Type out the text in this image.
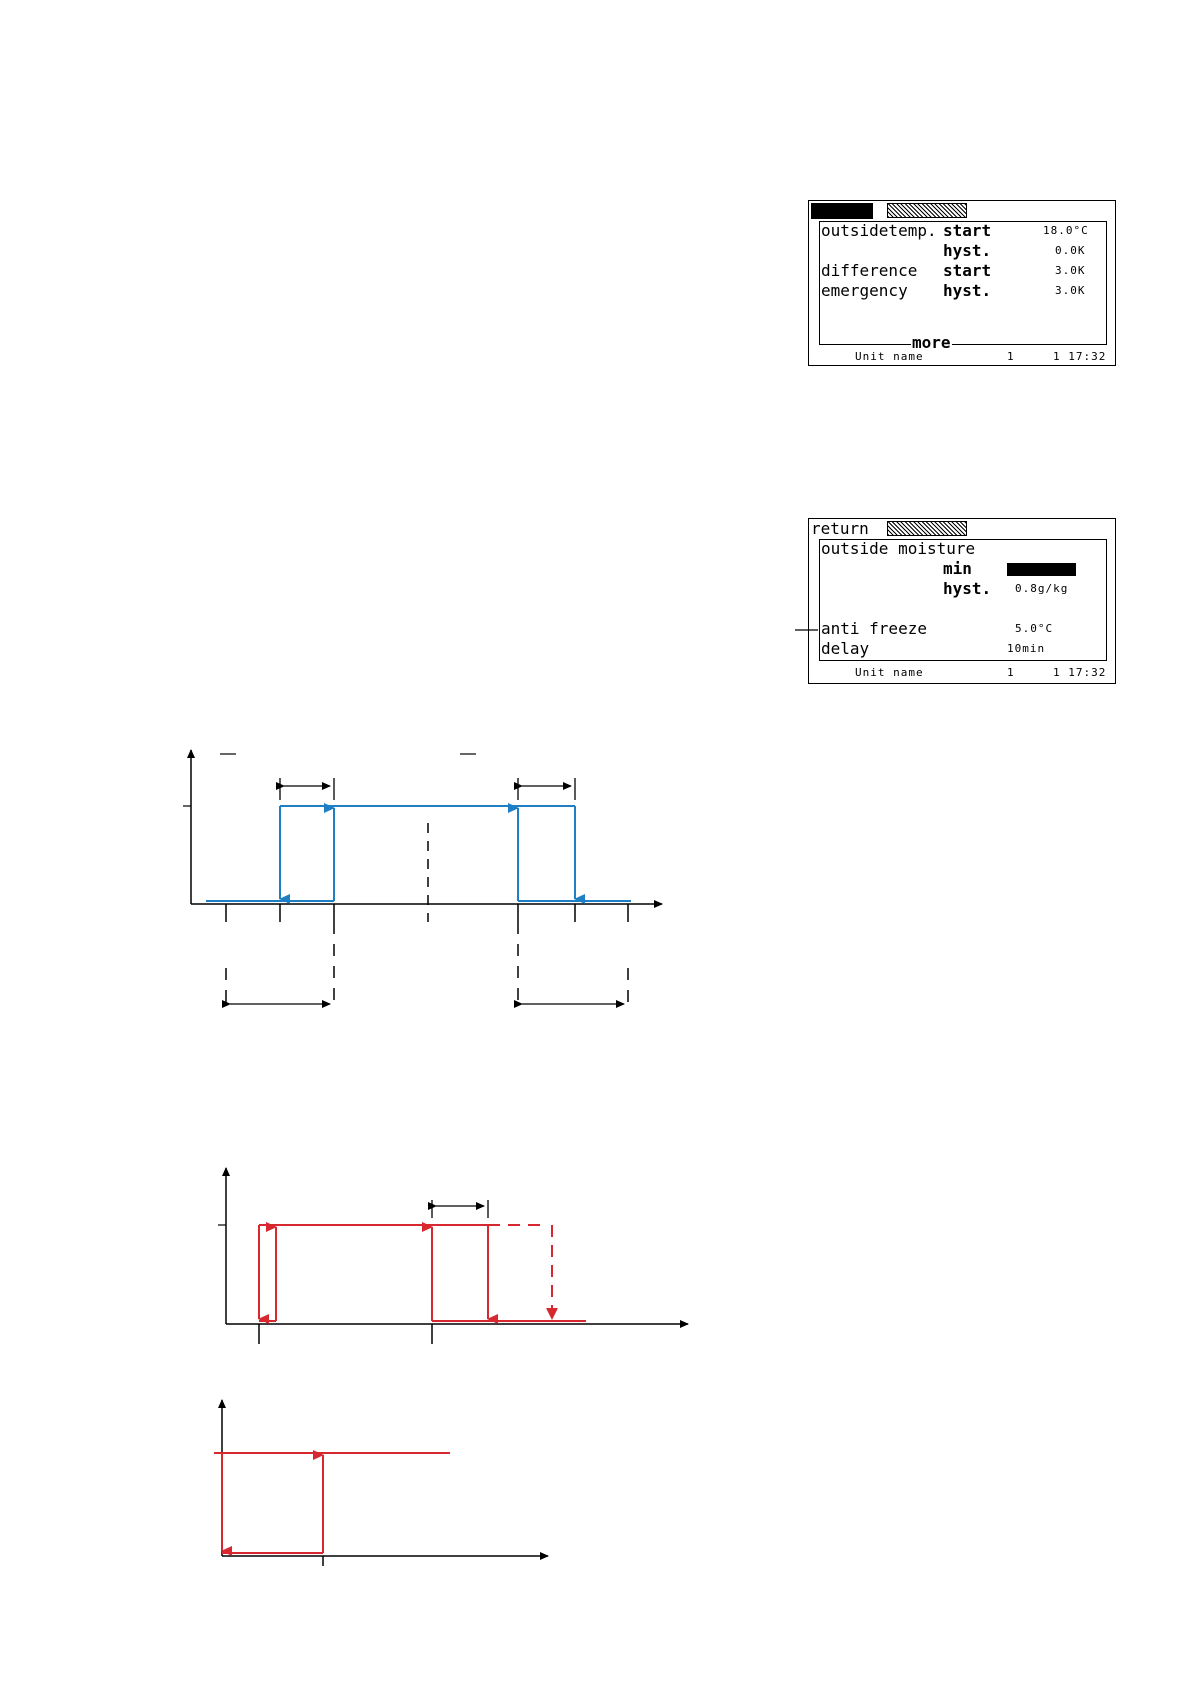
return
outsidetemp. start	18.0°C
hyst.	0.0K
difference start	3.0K
emergency hyst.	3.0K
more
Unit name	1	1 17:32
return
outside moisture
min	4.1g/kg
hyst. 0.8g/kg
anti freeze	5.0°C
delay	10min
Unit name	1	1 17:32
